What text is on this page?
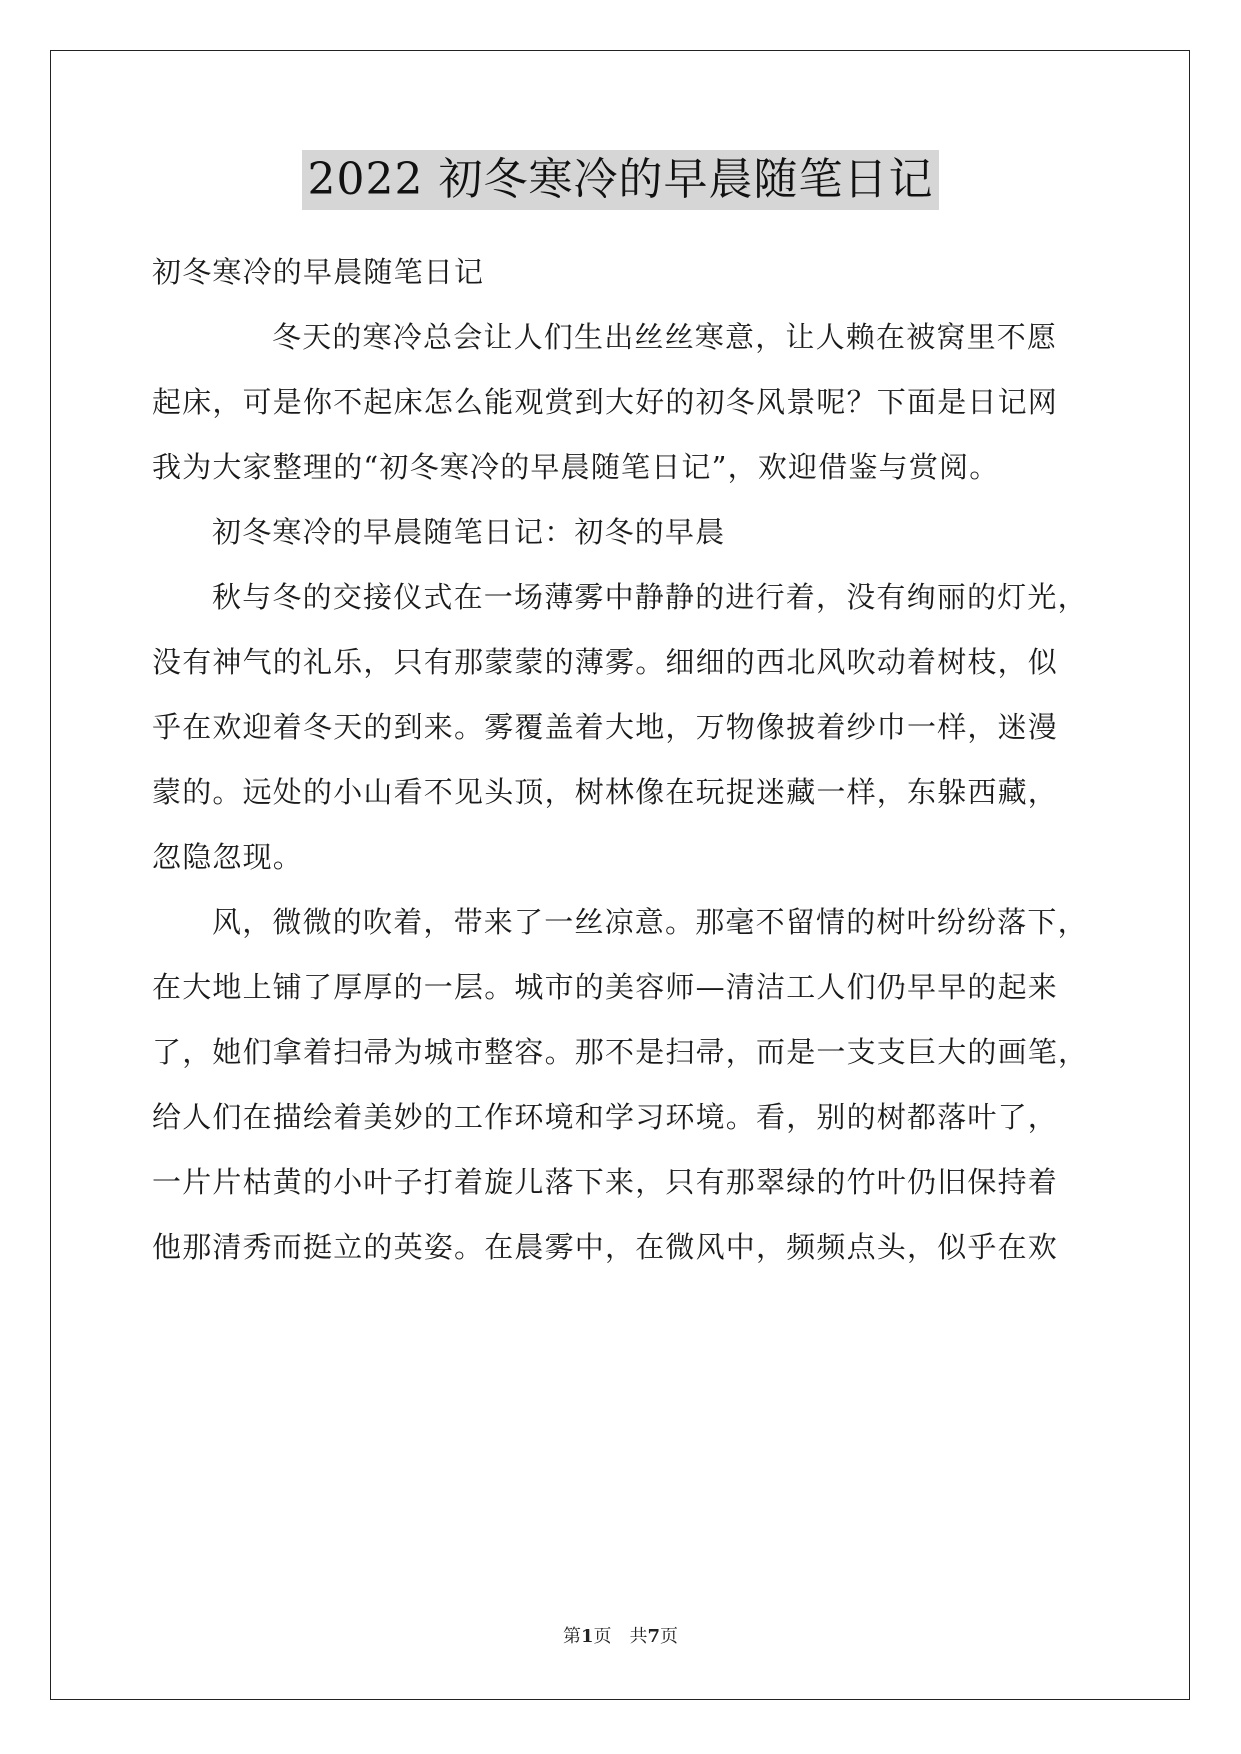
2022 初冬寒冷的早晨随笔日记
初冬寒冷的早晨随笔日记
冬天的寒冷总会让人们生出丝丝寒意，让人赖在被窝里不愿
起床，可是你不起床怎么能观赏到大好的初冬风景呢？下面是日记网
我为大家整理的“初冬寒冷的早晨随笔日记”，欢迎借鉴与赏阅。
初冬寒冷的早晨随笔日记：初冬的早晨
秋与冬的交接仪式在一场薄雾中静静的进行着，没有绚丽的灯光，
没有神气的礼乐，只有那蒙蒙的薄雾。细细的西北风吹动着树枝，似
乎在欢迎着冬天的到来。雾覆盖着大地，万物像披着纱巾一样，迷漫
蒙的。远处的小山看不见头顶，树林像在玩捉迷藏一样，东躲西藏，
忽隐忽现。
风，微微的吹着，带来了一丝凉意。那毫不留情的树叶纷纷落下，
在大地上铺了厚厚的一层。城市的美容师—清洁工人们仍早早的起来
了，她们拿着扫帚为城市整容。那不是扫帚，而是一支支巨大的画笔，
给人们在描绘着美妙的工作环境和学习环境。看，别的树都落叶了，
一片片枯黄的小叶子打着旋儿落下来，只有那翠绿的竹叶仍旧保持着
他那清秀而挺立的英姿。在晨雾中，在微风中，频频点头，似乎在欢
第1页　共7页
